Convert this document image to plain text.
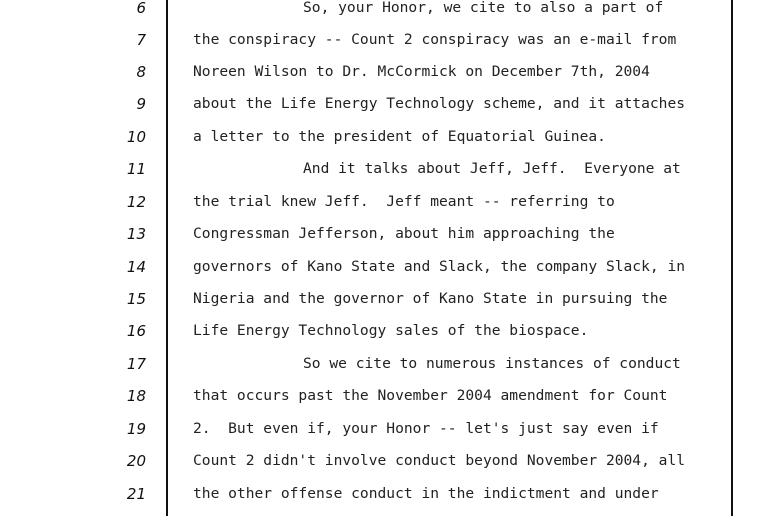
6	So, your Honor, we cite to also a part of
7	the conspiracy -- Count 2 conspiracy was an e-mail from
8	Noreen Wilson to Dr. McCormick on December 7th, 2004
9	about the Life Energy Technology scheme, and it attaches
10	a letter to the president of Equatorial Guinea.
11	And it talks about Jeff, Jeff.  Everyone at
12	the trial knew Jeff.  Jeff meant -- referring to
13	Congressman Jefferson, about him approaching the
14	governors of Kano State and Slack, the company Slack, in
15	Nigeria and the governor of Kano State in pursuing the
16	Life Energy Technology sales of the biospace.
17	So we cite to numerous instances of conduct
18	that occurs past the November 2004 amendment for Count
19	2.  But even if, your Honor -- let's just say even if
20	Count 2 didn't involve conduct beyond November 2004, all
21	the other offense conduct in the indictment and under
